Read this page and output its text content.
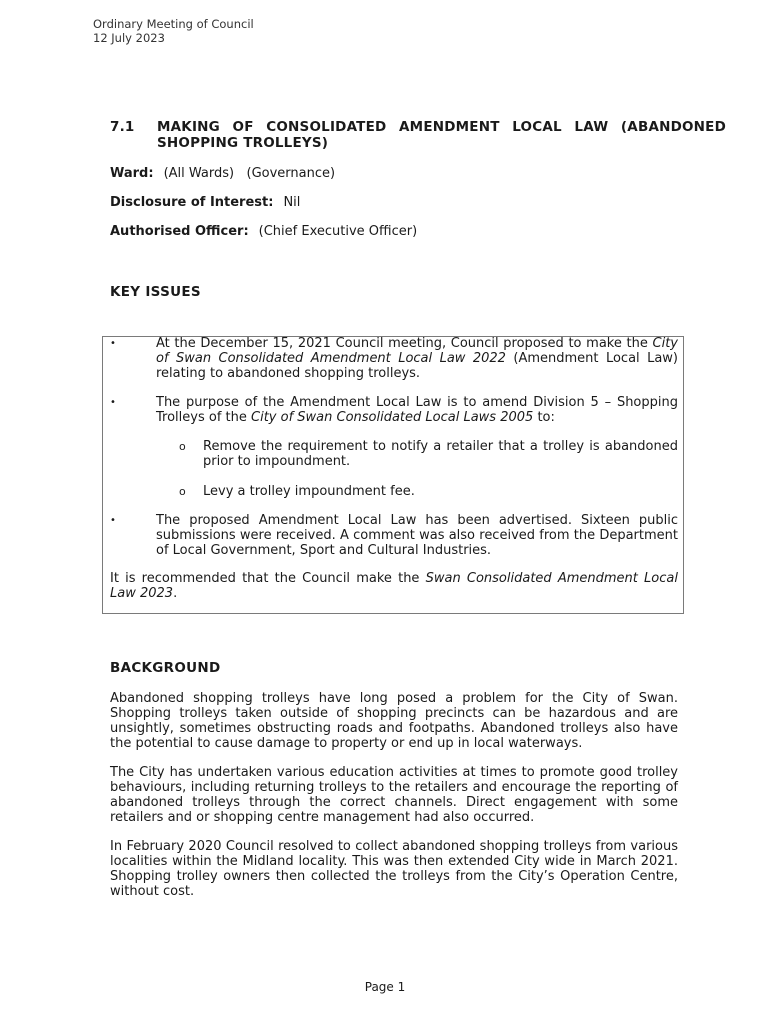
Ordinary Meeting of Council
12 July 2023
7.1 MAKING OF CONSOLIDATED AMENDMENT LOCAL LAW (ABANDONED SHOPPING TROLLEYS)
Ward: (All Wards)   (Governance)
Disclosure of Interest: Nil
Authorised Officer: (Chief Executive Officer)
KEY ISSUES
•	At the December 15, 2021 Council meeting, Council proposed to make the City of Swan Consolidated Amendment Local Law 2022 (Amendment Local Law) relating to abandoned shopping trolleys.
•	The purpose of the Amendment Local Law is to amend Division 5 – Shopping Trolleys of the City of Swan Consolidated Local Laws 2005 to:
o Remove the requirement to notify a retailer that a trolley is abandoned prior to impoundment.
o Levy a trolley impoundment fee.
•	The proposed Amendment Local Law has been advertised. Sixteen public submissions were received. A comment was also received from the Department of Local Government, Sport and Cultural Industries.
It is recommended that the Council make the Swan Consolidated Amendment Local Law 2023.
BACKGROUND
Abandoned shopping trolleys have long posed a problem for the City of Swan. Shopping trolleys taken outside of shopping precincts can be hazardous and are unsightly, sometimes obstructing roads and footpaths. Abandoned trolleys also have the potential to cause damage to property or end up in local waterways.
The City has undertaken various education activities at times to promote good trolley behaviours, including returning trolleys to the retailers and encourage the reporting of abandoned trolleys through the correct channels. Direct engagement with some retailers and or shopping centre management had also occurred.
In February 2020 Council resolved to collect abandoned shopping trolleys from various localities within the Midland locality. This was then extended City wide in March 2021. Shopping trolley owners then collected the trolleys from the City’s Operation Centre, without cost.
Page 1
